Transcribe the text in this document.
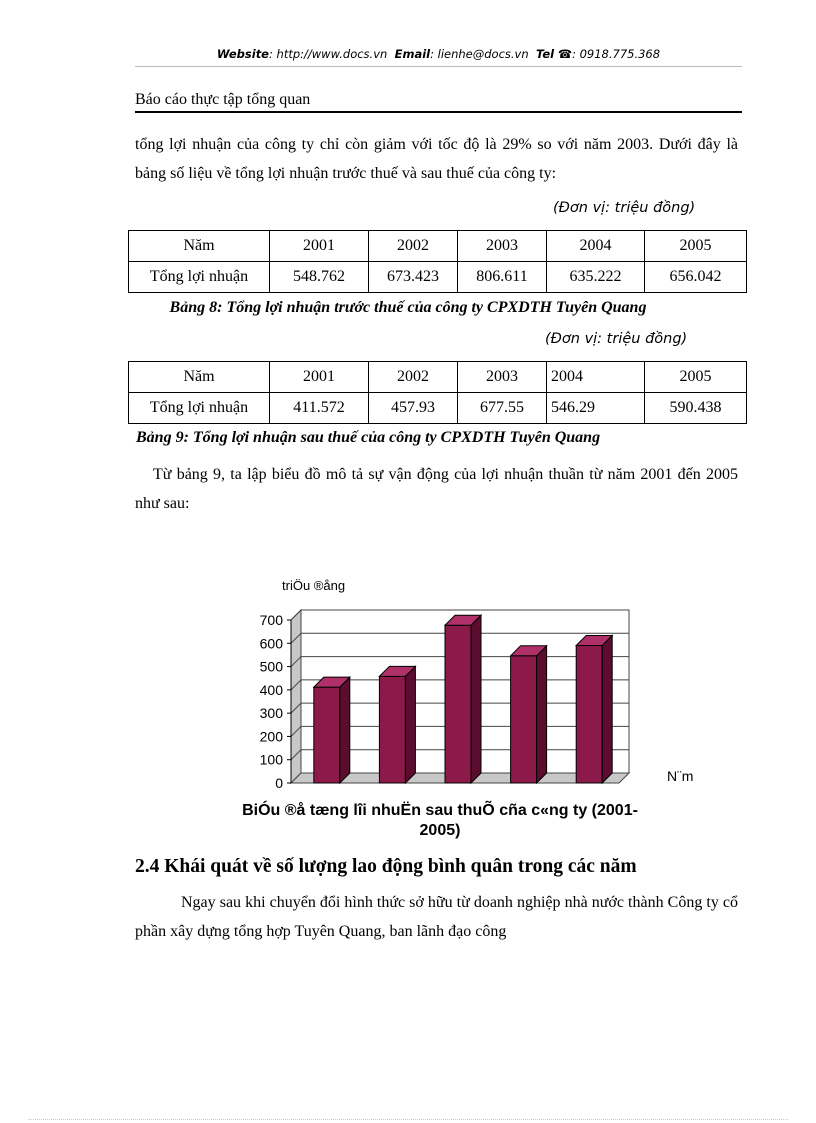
Website: http://www.docs.vn Email: lienhe@docs.vn Tel ☎: 0918.775.368
Báo cáo thực tập tổng quan
tổng lợi nhuận của công ty chỉ còn giảm với tốc độ là 29% so với năm 2003. Dưới đây là bảng số liệu về tổng lợi nhuận trước thuế và sau thuế của công ty:
(Đơn vị: triệu đồng)
Năm	2001	2002	2003	2004	2005
Tổng lợi nhuận	548.762	673.423	806.611	635.222	656.042
Bảng 8: Tổng lợi nhuận trước thuế của công ty CPXDTH Tuyên Quang
(Đơn vị: triệu đồng)
Năm	2001	2002	2003	2004	2005
Tổng lợi nhuận	411.572	457.93	677.55	546.29	590.438
Bảng 9: Tổng lợi nhuận sau thuế của công ty CPXDTH Tuyên Quang
Từ bảng 9, ta lập biểu đồ mô tả sự vận động của lợi nhuận thuần từ năm 2001 đến 2005 như sau:
0
100
200
300
400
500
600
700
triÖu ®ång
N¨m
BiÓu ®å tæng lîi nhuËn sau thuÕ cña c«ng ty (2001-
2005)
2.4 Khái quát về số lượng lao động bình quân trong các năm
Ngay sau khi chuyển đổi hình thức sở hữu từ doanh nghiệp nhà nước thành Công ty cổ phần xây dựng tổng hợp Tuyên Quang, ban lãnh đạo công
